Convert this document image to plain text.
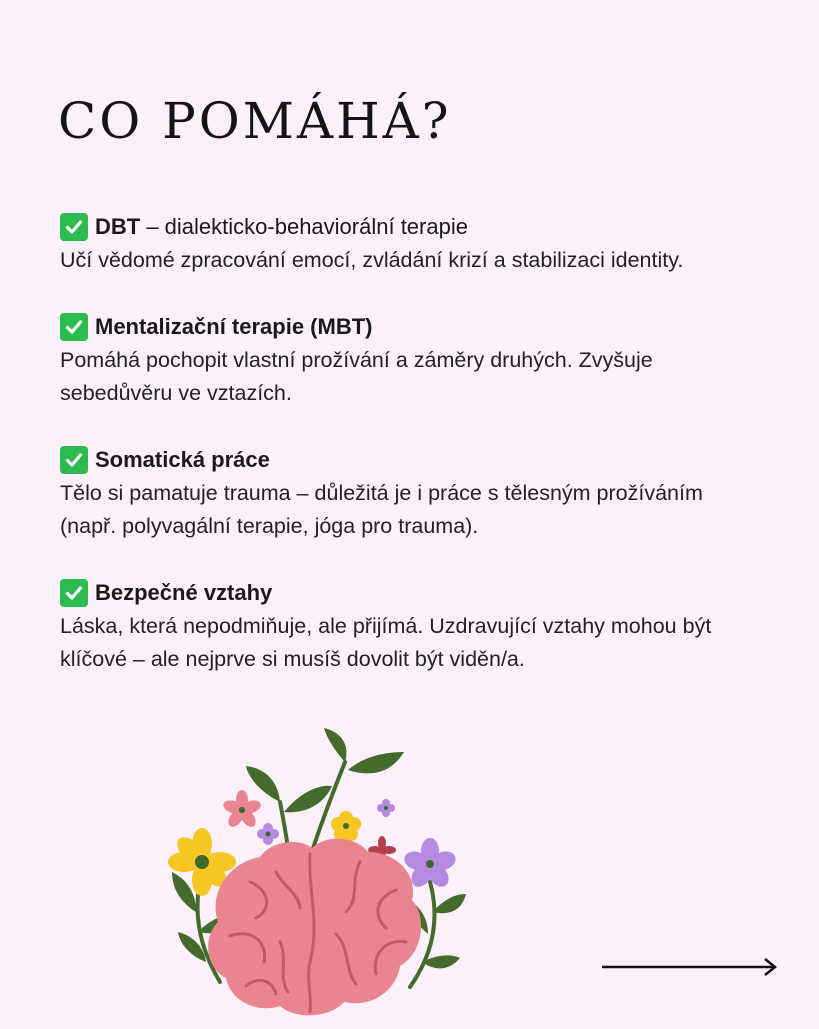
CO POMÁHÁ?
DBT – dialekticko-behaviorální terapie
Učí vědomé zpracování emocí, zvládání krizí a stabilizaci identity.
Mentalizační terapie (MBT)
Pomáhá pochopit vlastní prožívání a záměry druhých. Zvyšuje sebedůvěru ve vztazích.
Somatická práce
Tělo si pamatuje trauma – důležitá je i práce s tělesným prožíváním (např. polyvagální terapie, jóga pro trauma).
Bezpečné vztahy
Láska, která nepodmiňuje, ale přijímá. Uzdravující vztahy mohou být klíčové – ale nejprve si musíš dovolit být viděn/a.
